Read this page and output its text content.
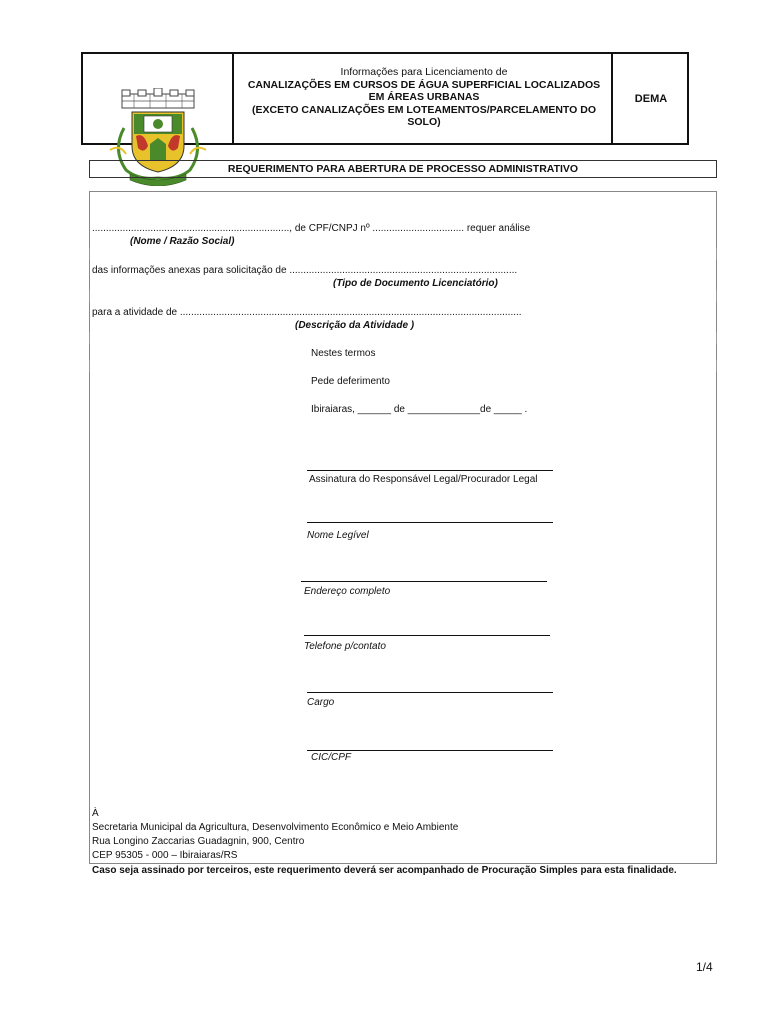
Informações para Licenciamento de
CANALIZAÇÕES EM CURSOS DE ÁGUA SUPERFICIAL LOCALIZADOS
EM ÁREAS URBANAS
(EXCETO CANALIZAÇÕES EM LOTEAMENTOS/PARCELAMENTO DO
SOLO)
DEMA
REQUERIMENTO PARA ABERTURA DE PROCESSO ADMINISTRATIVO
......................................................................., de CPF/CNPJ nº ................................. requer análise
(Nome / Razão Social)
das informações anexas para solicitação de ..................................................................................
(Tipo de Documento Licenciatório)
para a atividade de ...........................................................................................................................
(Descrição da Atividade )
Nestes termos
Pede deferimento
Ibiraiaras, ______ de _____________de _____ .
Assinatura do Responsável Legal/Procurador Legal
Nome Legível
Endereço completo
Telefone p/contato
Cargo
CIC/CPF
À
Secretaria Municipal da Agricultura, Desenvolvimento Econômico e Meio Ambiente
Rua Longino Zaccarias Guadagnin, 900, Centro
CEP 95305 - 000 – Ibiraiaras/RS
Caso seja assinado por terceiros, este requerimento deverá ser acompanhado de Procuração Simples para esta finalidade.
1/4
